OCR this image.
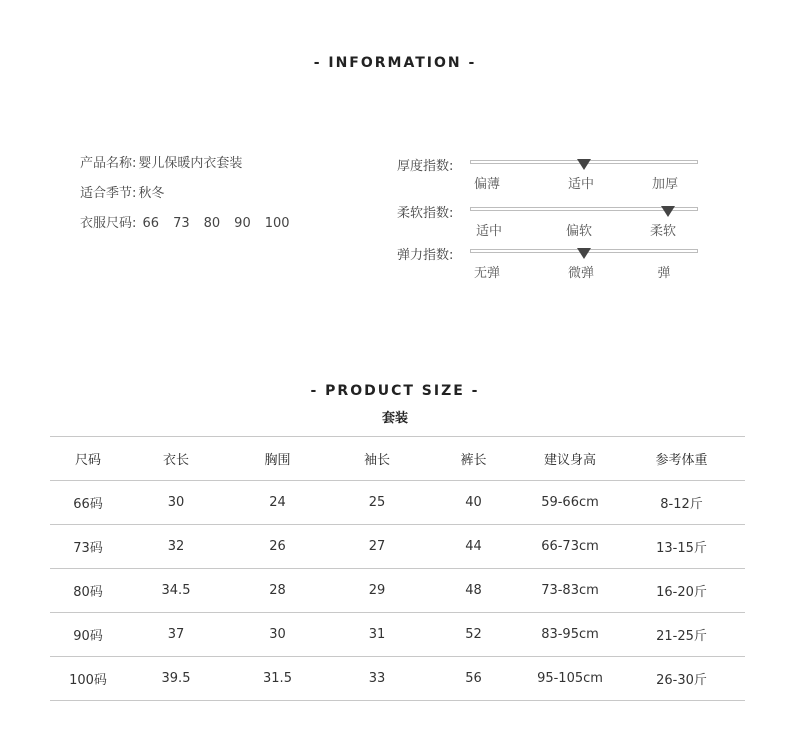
- INFORMATION -
产品名称: 婴儿保暖内衣套装
适合季节: 秋冬
衣服尺码: 66 73 80 90 100
厚度指数:
偏薄	适中	加厚
柔软指数:
适中	偏软	柔软
弹力指数:
无弹	微弹	弹
- PRODUCT SIZE -
套装
尺码	衣长	胸围	袖长	裤长	建议身高	参考体重
66码	30	24	25	40	59-66cm	8-12斤
73码	32	26	27	44	66-73cm	13-15斤
80码	34.5	28	29	48	73-83cm	16-20斤
90码	37	30	31	52	83-95cm	21-25斤
100码	39.5	31.5	33	56	95-105cm	26-30斤
